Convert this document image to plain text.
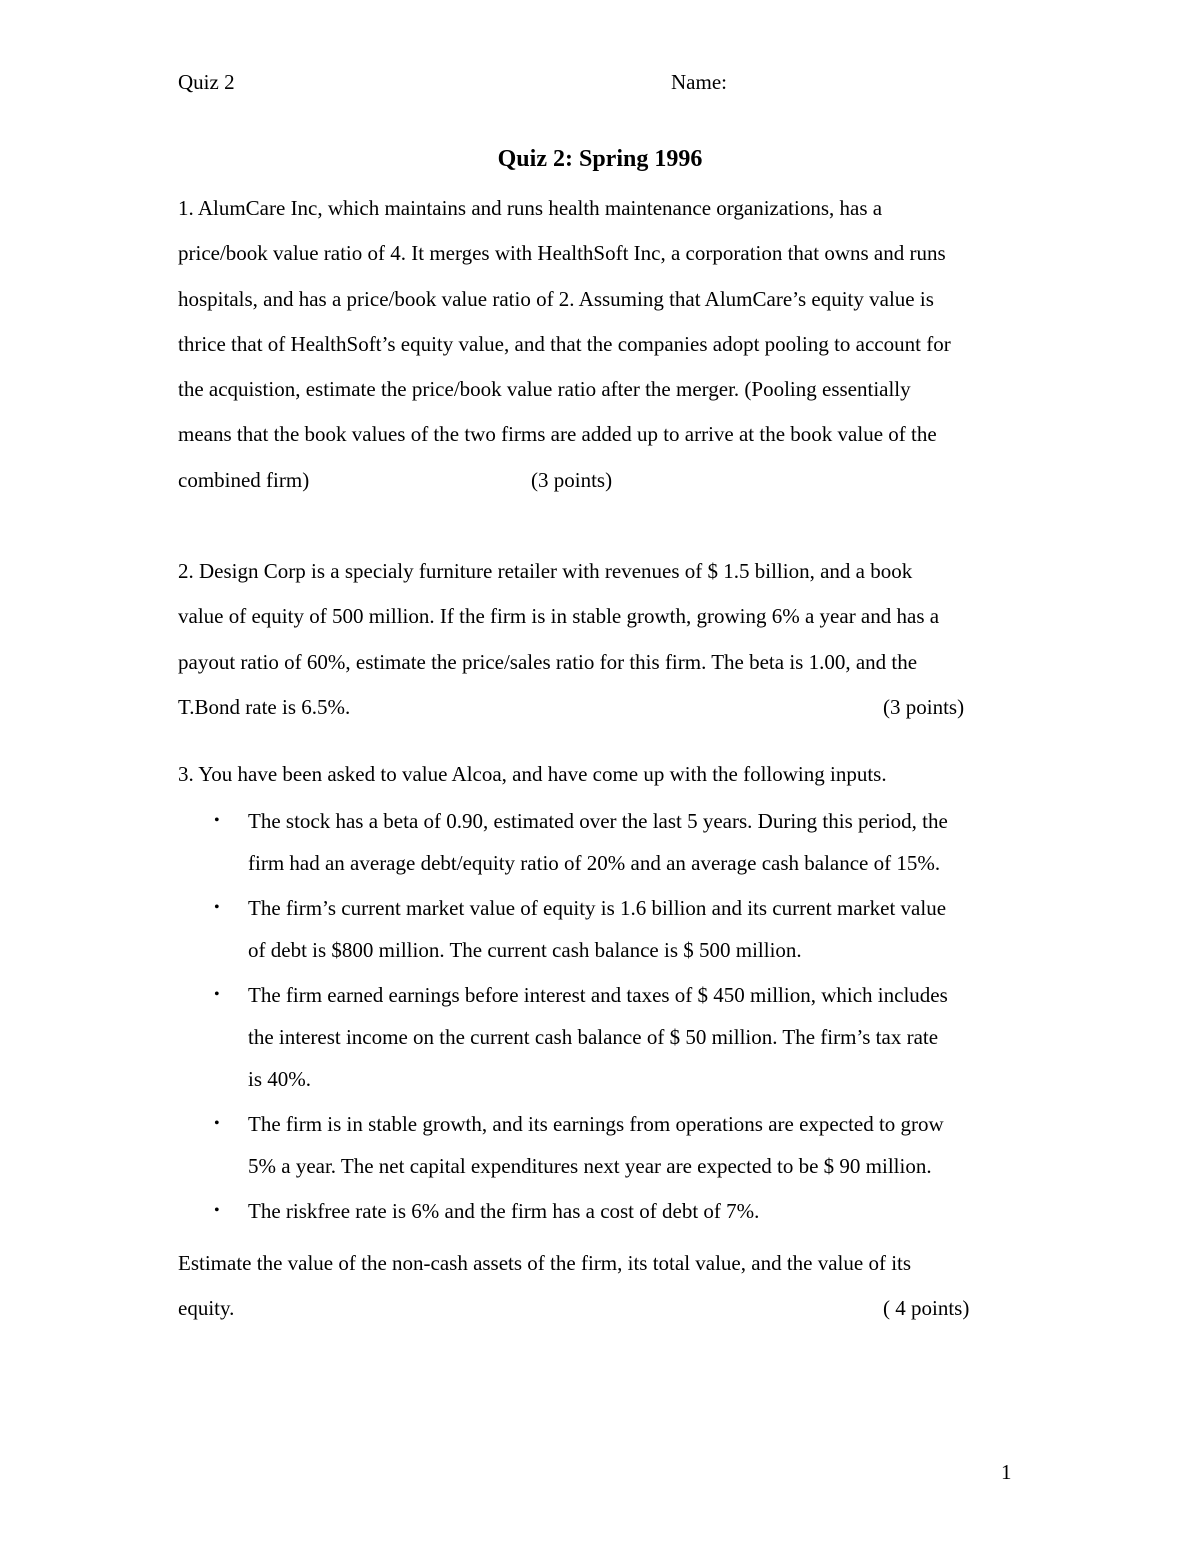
Quiz 2	Name:
Quiz 2: Spring 1996
1. AlumCare Inc, which maintains and runs health maintenance organizations, has a
price/book value ratio of 4. It merges with HealthSoft Inc, a corporation that owns and runs
hospitals, and has a price/book value ratio of 2. Assuming that AlumCare’s equity value is
thrice that of HealthSoft’s equity value, and that the companies adopt pooling to account for
the acquistion, estimate the price/book value ratio after the merger. (Pooling essentially
means that the book values of the two firms are added up to arrive at the book value of the
combined firm)	(3 points)
2. Design Corp is a specialy furniture retailer with revenues of $ 1.5 billion, and a book
value of equity of 500 million. If the firm is in stable growth, growing 6% a year and has a
payout ratio of 60%, estimate the price/sales ratio for this firm. The beta is 1.00, and the
T.Bond rate is 6.5%.	(3 points)
3. You have been asked to value Alcoa, and have come up with the following inputs.
• The stock has a beta of 0.90, estimated over the last 5 years. During this period, the
firm had an average debt/equity ratio of 20% and an average cash balance of 15%.
• The firm’s current market value of equity is 1.6 billion and its current market value
of debt is $800 million. The current cash balance is $ 500 million.
• The firm earned earnings before interest and taxes of $ 450 million, which includes
the interest income on the current cash balance of $ 50 million. The firm’s tax rate
is 40%.
• The firm is in stable growth, and its earnings from operations are expected to grow
5% a year. The net capital expenditures next year are expected to be $ 90 million.
• The riskfree rate is 6% and the firm has a cost of debt of 7%.
Estimate the value of the non-cash assets of the firm, its total value, and the value of its
equity.	( 4 points)
1
